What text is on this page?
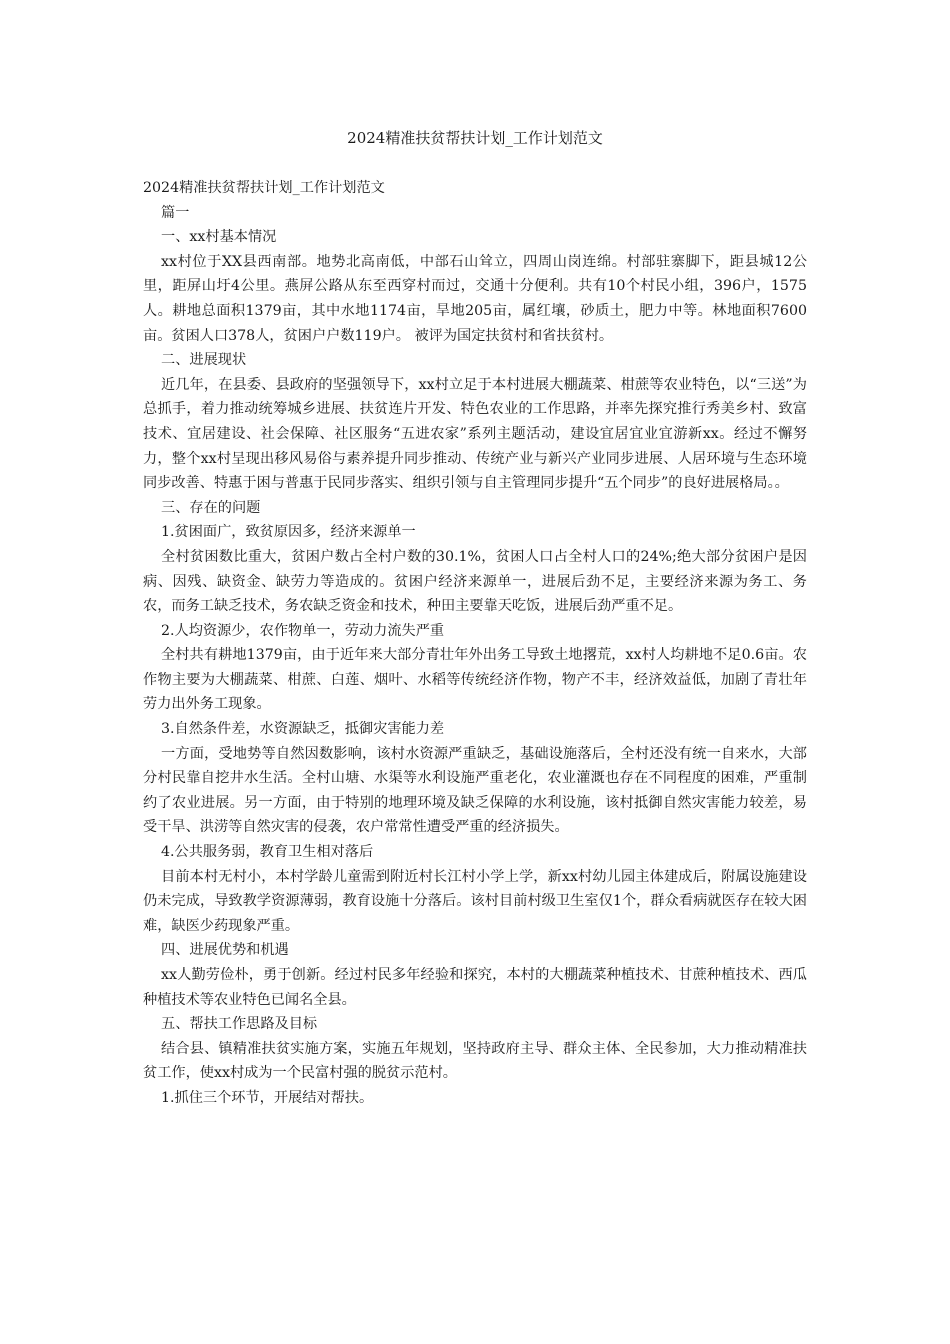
2024精准扶贫帮扶计划_工作计划范文

2024精准扶贫帮扶计划_工作计划范文

篇一

一、xx村基本情况

xx村位于XX县西南部。地势北高南低，中部石山耸立，四周山岗连绵。村部驻寨脚下，距县城12公里，距屏山圩4公里。燕屏公路从东至西穿村而过，交通十分便利。共有10个村民小组，396户，1575人。耕地总面积1379亩，其中水地1174亩，旱地205亩，属红壤，砂质土，肥力中等。林地面积7600亩。贫困人口378人，贫困户户数119户。 被评为国定扶贫村和省扶贫村。

二、进展现状

近几年，在县委、县政府的坚强领导下，xx村立足于本村进展大棚蔬菜、柑蔗等农业特色，以“三送”为总抓手，着力推动统筹城乡进展、扶贫连片开发、特色农业的工作思路，并率先探究推行秀美乡村、致富技术、宜居建设、社会保障、社区服务“五进农家”系列主题活动，建设宜居宜业宜游新xx。经过不懈努力，整个xx村呈现出移风易俗与素养提升同步推动、传统产业与新兴产业同步进展、人居环境与生态环境同步改善、特惠于困与普惠于民同步落实、组织引领与自主管理同步提升“五个同步”的良好进展格局。。

三、存在的问题

1.贫困面广，致贫原因多，经济来源单一

全村贫困数比重大，贫困户数占全村户数的30.1%，贫困人口占全村人口的24%;绝大部分贫困户是因病、因残、缺资金、缺劳力等造成的。贫困户经济来源单一，进展后劲不足，主要经济来源为务工、务农，而务工缺乏技术，务农缺乏资金和技术，种田主要靠天吃饭，进展后劲严重不足。

2.人均资源少，农作物单一，劳动力流失严重

全村共有耕地1379亩，由于近年来大部分青壮年外出务工导致土地撂荒，xx村人均耕地不足0.6亩。农作物主要为大棚蔬菜、柑蔗、白莲、烟叶、水稻等传统经济作物，物产不丰，经济效益低，加剧了青壮年劳力出外务工现象。

3.自然条件差，水资源缺乏，抵御灾害能力差

一方面，受地势等自然因数影响，该村水资源严重缺乏，基础设施落后，全村还没有统一自来水，大部分村民靠自挖井水生活。全村山塘、水渠等水利设施严重老化，农业灌溉也存在不同程度的困难，严重制约了农业进展。另一方面，由于特别的地理环境及缺乏保障的水利设施，该村抵御自然灾害能力较差，易受干旱、洪涝等自然灾害的侵袭，农户常常性遭受严重的经济损失。

4.公共服务弱，教育卫生相对落后

目前本村无村小，本村学龄儿童需到附近村长江村小学上学，新xx村幼儿园主体建成后，附属设施建设仍未完成，导致教学资源薄弱，教育设施十分落后。该村目前村级卫生室仅1个，群众看病就医存在较大困难，缺医少药现象严重。

四、进展优势和机遇

xx人勤劳俭朴，勇于创新。经过村民多年经验和探究，本村的大棚蔬菜种植技术、甘蔗种植技术、西瓜种植技术等农业特色已闻名全县。

五、帮扶工作思路及目标

结合县、镇精准扶贫实施方案，实施五年规划，坚持政府主导、群众主体、全民参加，大力推动精准扶贫工作，使xx村成为一个民富村强的脱贫示范村。

1.抓住三个环节，开展结对帮扶。
